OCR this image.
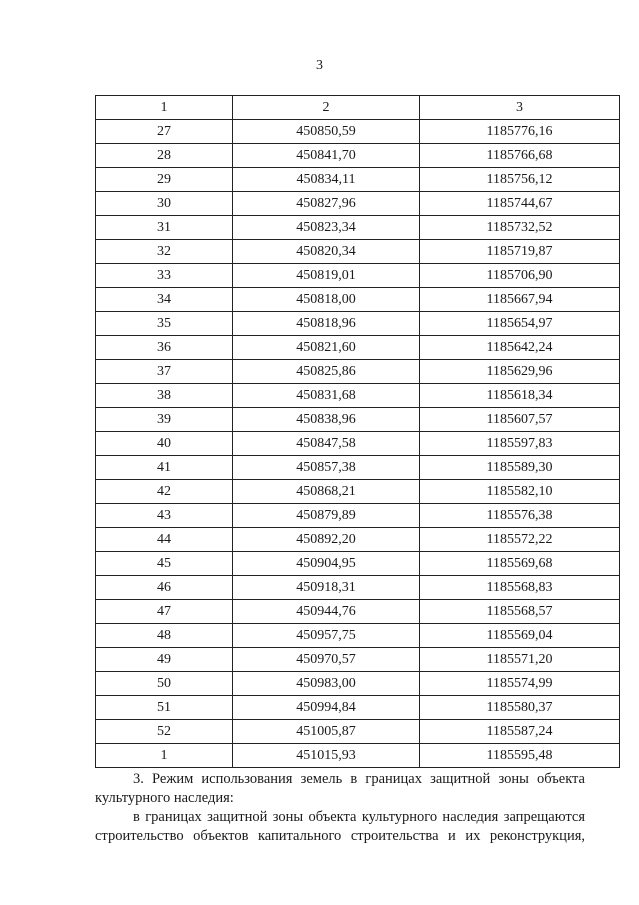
3
1	2	3
27	450850,59	1185776,16
28	450841,70	1185766,68
29	450834,11	1185756,12
30	450827,96	1185744,67
31	450823,34	1185732,52
32	450820,34	1185719,87
33	450819,01	1185706,90
34	450818,00	1185667,94
35	450818,96	1185654,97
36	450821,60	1185642,24
37	450825,86	1185629,96
38	450831,68	1185618,34
39	450838,96	1185607,57
40	450847,58	1185597,83
41	450857,38	1185589,30
42	450868,21	1185582,10
43	450879,89	1185576,38
44	450892,20	1185572,22
45	450904,95	1185569,68
46	450918,31	1185568,83
47	450944,76	1185568,57
48	450957,75	1185569,04
49	450970,57	1185571,20
50	450983,00	1185574,99
51	450994,84	1185580,37
52	451005,87	1185587,24
1	451015,93	1185595,48
3. Режим использования земель в границах защитной зоны объекта культурного наследия:
в границах защитной зоны объекта культурного наследия запрещаются строительство объектов капитального строительства и их реконструкция,
